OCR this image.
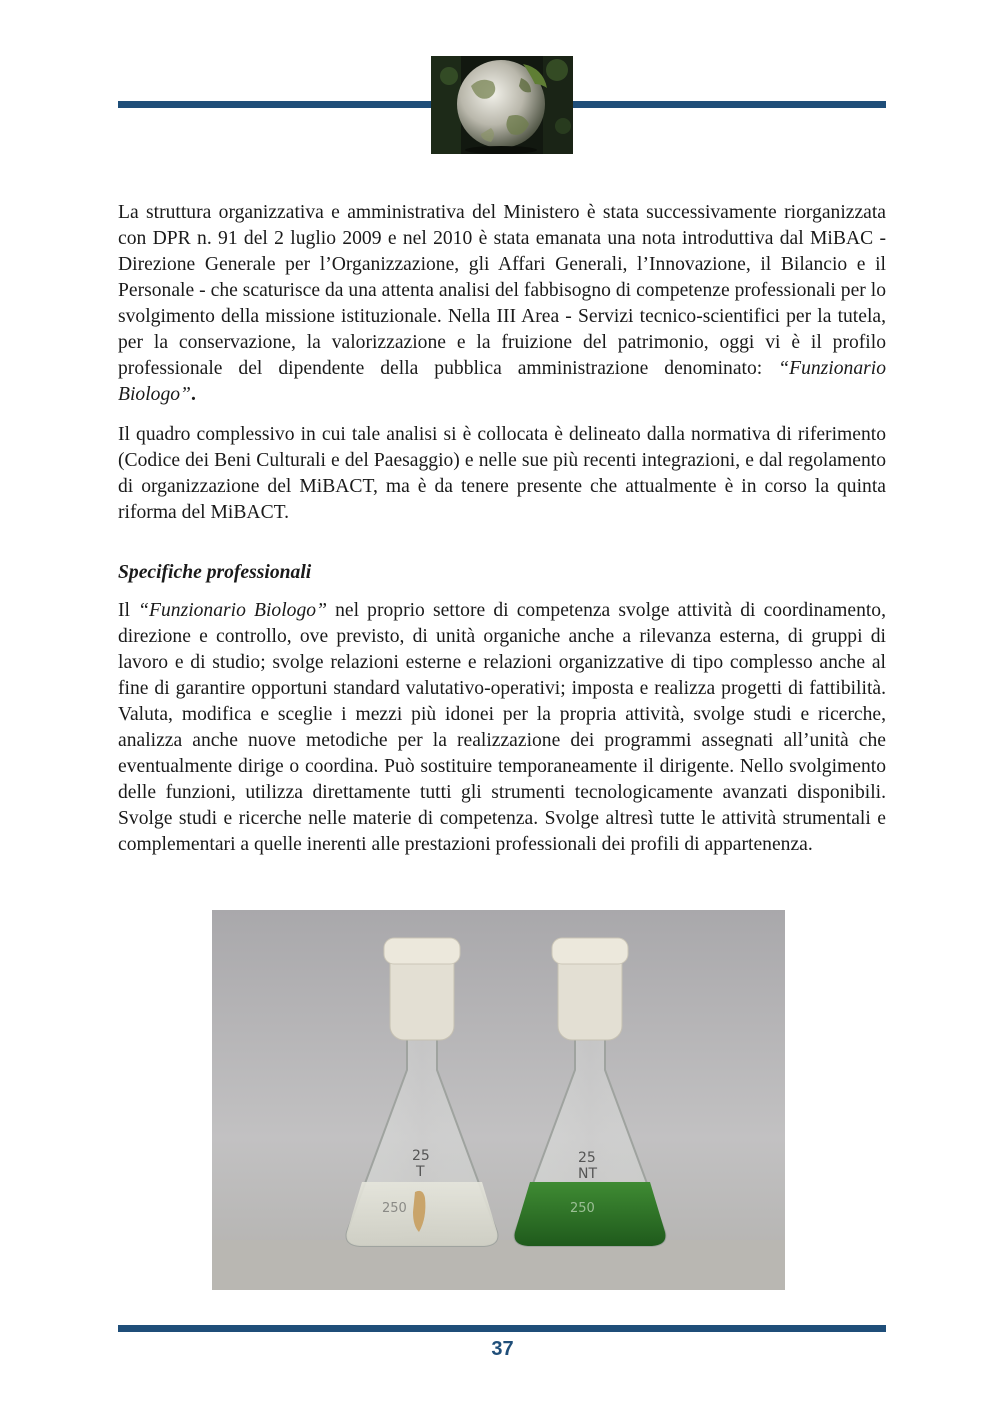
La struttura organizzativa e amministrativa del Ministero è stata successivamente riorganizzata con DPR n. 91 del 2 luglio 2009 e nel 2010 è stata emanata una nota introduttiva dal MiBAC - Direzione Generale per l’Organizzazione, gli Affari Generali, l’Innovazione, il Bilancio e il Personale - che scaturisce da una attenta analisi del fabbisogno di competenze professionali per lo svolgimento della missione istituzionale. Nella III Area - Servizi tecnico-scientifici per la tutela, per la conservazione, la valorizzazione e la fruizione del patrimonio, oggi vi è il profilo professionale del dipendente della pubblica amministrazione denominato: “Funzionario Biologo”.

Il quadro complessivo in cui tale analisi si è collocata è delineato dalla normativa di riferimento (Codice dei Beni Culturali e del Paesaggio) e nelle sue più recenti integrazioni, e dal regolamento di organizzazione del MiBACT, ma è da tenere presente che attualmente è in corso la quinta riforma del MiBACT.

Specifiche professionali

Il “Funzionario Biologo” nel proprio settore di competenza svolge attività di coordinamento, direzione e controllo, ove previsto, di unità organiche anche a rilevanza esterna, di gruppi di lavoro e di studio; svolge relazioni esterne e relazioni organizzative di tipo complesso anche al fine di garantire opportuni standard valutativo-operativi; imposta e realizza progetti di fattibilità. Valuta, modifica e sceglie i mezzi più idonei per la propria attività, svolge studi e ricerche, analizza anche nuove metodiche per la realizzazione dei programmi assegnati all’unità che eventualmente dirige o coordina. Può sostituire temporaneamente il dirigente. Nello svolgimento delle funzioni, utilizza direttamente tutti gli strumenti tecnologicamente avanzati disponibili. Svolge studi e ricerche nelle materie di competenza. Svolge altresì tutte le attività strumentali e complementari a quelle inerenti alle prestazioni professionali dei profili di appartenenza.

25
T
250
25
NT
250
37
